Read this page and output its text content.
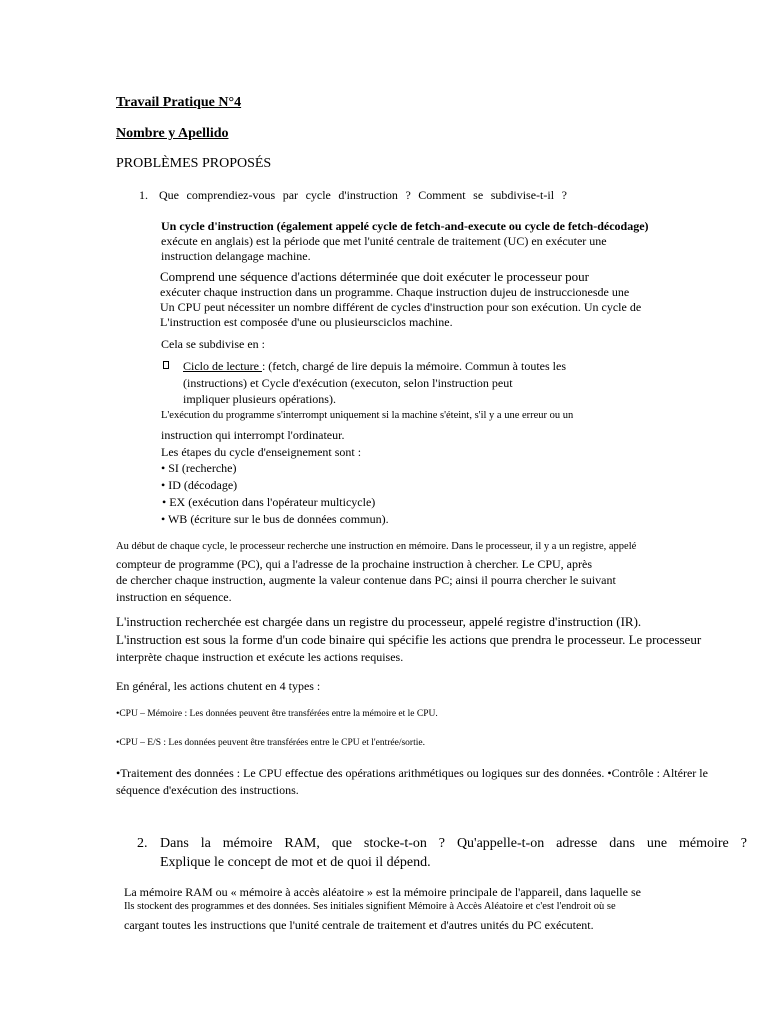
Travail Pratique N°4
Nombre y Apellido
PROBLÈMES PROPOSÉS
1. Que comprendiez-vous par cycle d'instruction ? Comment se subdivise-t-il ?
Un cycle d'instruction (également appelé cycle de fetch-and-execute ou cycle de fetch-décodage)
exécute en anglais) est la période que met l'unité centrale de traitement (UC) en exécuter une
instruction delangage machine.
Comprend une séquence d'actions déterminée que doit exécuter le processeur pour
exécuter chaque instruction dans un programme. Chaque instruction dujeu de instruccionesde une
Un CPU peut nécessiter un nombre différent de cycles d'instruction pour son exécution. Un cycle de
L'instruction est composée d'une ou plusieursciclos machine.
Cela se subdivise en :
Ciclo de lecture : (fetch, chargé de lire depuis la mémoire. Commun à toutes les
(instructions) et Cycle d'exécution (executon, selon l'instruction peut
impliquer plusieurs opérations).
L'exécution du programme s'interrompt uniquement si la machine s'éteint, s'il y a une erreur ou un
instruction qui interrompt l'ordinateur.
Les étapes du cycle d'enseignement sont :
• SI (recherche)
• ID (décodage)
• EX (exécution dans l'opérateur multicycle)
• WB (écriture sur le bus de données commun).
Au début de chaque cycle, le processeur recherche une instruction en mémoire. Dans le processeur, il y a un registre, appelé
compteur de programme (PC), qui a l'adresse de la prochaine instruction à chercher. Le CPU, après
de chercher chaque instruction, augmente la valeur contenue dans PC; ainsi il pourra chercher le suivant
instruction en séquence.
L'instruction recherchée est chargée dans un registre du processeur, appelé registre d'instruction (IR).
L'instruction est sous la forme d'un code binaire qui spécifie les actions que prendra le processeur. Le processeur
interprète chaque instruction et exécute les actions requises.
En général, les actions chutent en 4 types :
•CPU – Mémoire : Les données peuvent être transférées entre la mémoire et le CPU.
•CPU – E/S : Les données peuvent être transférées entre le CPU et l'entrée/sortie.
•Traitement des données : Le CPU effectue des opérations arithmétiques ou logiques sur des données. •Contrôle : Altérer le
séquence d'exécution des instructions.
2. Dans la mémoire RAM, que stocke-t-on ? Qu'appelle-t-on adresse dans une mémoire ?
Explique le concept de mot et de quoi il dépend.
La mémoire RAM ou « mémoire à accès aléatoire » est la mémoire principale de l'appareil, dans laquelle se
Ils stockent des programmes et des données. Ses initiales signifient Mémoire à Accès Aléatoire et c'est l'endroit où se
cargant toutes les instructions que l'unité centrale de traitement et d'autres unités du PC exécutent.
